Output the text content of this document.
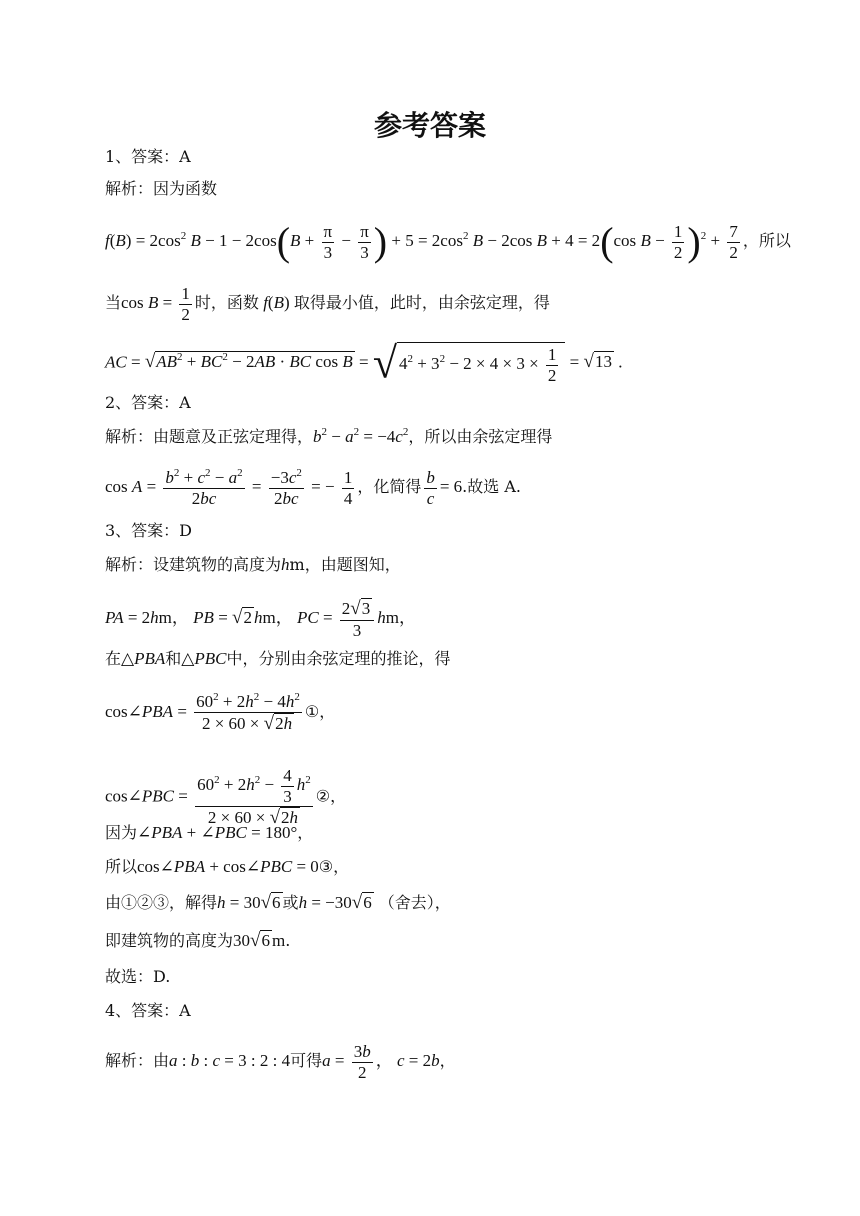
参考答案
1、答案：A
解析：因为函数
$f(B) = 2\cos^2$ $B - 1 - 2\cos(B + \frac{\pi}{3} - \frac{\pi}{3}$ ) + $5 = 2\cos^2$ B − 2cos B + 4 = 2(cos $B - \frac{1}{2} )^2 + \frac{7}{2}$ ，所以
当$\cos B = \frac{1}{2}$ 时，函数 f(B) 取得最小值，此时，由余弦定理，得
AC = $√AB^2 + BC^2 - 2AB$ · BC cos B = √ $4^2 + 3^2 - 2 \times 4 \times 3 \times \frac{1}{2} = √13$ .
2、答案：A
解析：由题意及正弦定理得，$b^2 - a^2 = -4c^2$，所以由余弦定理得
$\cos A = \frac{b^2 + c^2 - a^2}{2bc} = \frac{-3c^2}{2bc}$ = − $\frac{1}{4}$ ，化简得 $\frac{b}{c} = 6$.故选 A.
3、答案：D
解析：设建筑物的高度为hm，由题图知，
PA = 2hm， PB = √2 hm， PC = $\frac{2√3}{3}$ hm，
在△PBA和△PBC中，分别由余弦定理的推论，得
cos∠PBA = $\frac{60^2 + 2h^2 - 4h^2}{2 \times 60 \times √2h}$ ①，
cos∠PBC = $\frac{60^2 + 2h^2 - \frac{4}{3} h^2}{2 \times 60 \times √2h}$ ②，
因为∠PBA + ∠PBC = 180°，
所以cos∠PBA + cos∠PBC = 0③，
由①②③，解得h = 30√6 或h = −30√6 （舍去），
即建筑物的高度为30√6 m.
故选：D.
4、答案：A
解析：由a : b : c = 3 : 2 : 4可得$a = \frac{3b}{2}$ ， c = 2b，
